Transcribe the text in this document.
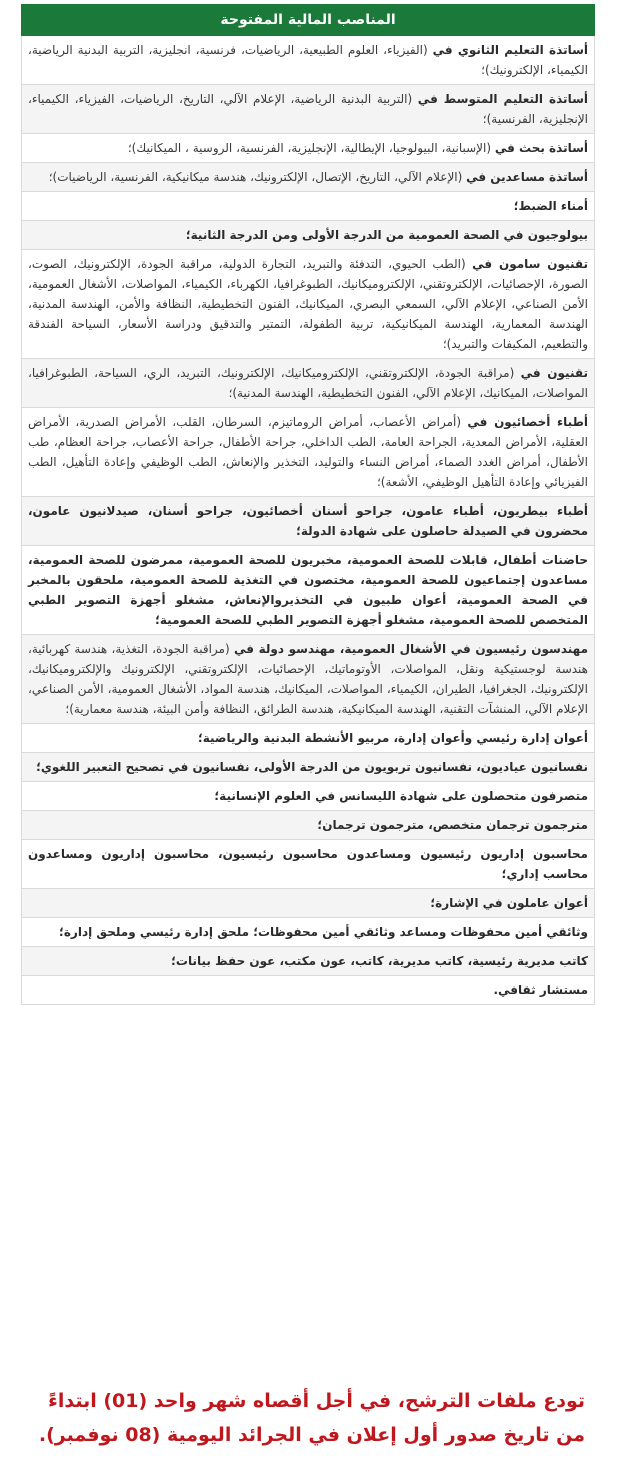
المناصب المالية المفتوحة
أساتذة التعليم الثانوي في (الفيزياء، العلوم الطبيعية، الرياضيات، فرنسية، انجليزية، التربية البدنية الرياضية، الكيمياء، الإلكترونيك)؛
أساتذة التعليم المتوسط في (التربية البدنية الرياضية، الإعلام الآلي، التاريخ، الرياضيات، الفيزياء، الكيمياء، الإنجليزية، الفرنسية)؛
أساتذة بحث في (الإسبانية، البيولوجيا، الإيطالية، الإنجليزية، الفرنسية، الروسية ، الميكانيك)؛
أساتذة مساعدين في (الإعلام الآلي، التاريخ، الإتصال، الإلكترونيك، هندسة ميكانيكية، الفرنسية، الرياضيات)؛
أمناء الضبط؛
بيولوجيون في الصحة العمومية من الدرجة الأولى ومن الدرجة الثانية؛
تقنيون سامون في (الطب الحيوي، التدفئة والتبريد، التجارة الدولية، مراقبة الجودة، الإلكترونيك، الصوت، الصورة، الإحصائيات، الإلكتروتقني، الإلكتروميكانيك، الطبوغرافيا، الكهرباء، الكيمياء، المواصلات، الأشغال العمومية، الأمن الصناعي، الإعلام الآلي، السمعي البصري، الميكانيك، الفنون التخطيطية، النظافة والأمن، الهندسة المدنية، الهندسة المعمارية، الهندسة الميكانيكية، تربية الطفولة، التمتير والتدقيق ودراسة الأسعار، السياحة الفندقة والتطعيم، المكيفات والتبريد)؛
تقنيون في (مراقبة الجودة، الإلكتروتقني، الإلكتروميكانيك، الإلكترونيك، التبريد، الري، السياحة، الطبوغرافيا، المواصلات، الميكانيك، الإعلام الآلي، الفنون التخطيطية، الهندسة المدنية)؛
أطباء أخصائيون في (أمراض الأعصاب، أمراض الروماتيزم، السرطان، القلب، الأمراض الصدرية، الأمراض العقلية، الأمراض المعدية، الجراحة العامة، الطب الداخلي، جراحة الأطفال، جراحة الأعصاب، جراحة العظام، طب الأطفال، أمراض الغدد الصماء، أمراض النساء والتوليد، التخذير والإنعاش، الطب الوظيفي وإعادة التأهيل، الطب الفيزيائي وإعادة التأهيل الوظيفي، الأشعة)؛
أطباء بيطريون، أطباء عامون، جراحو أسنان أخصائيون، جراحو أسنان، صيدلانيون عامون، محضرون في الصيدلة حاصلون على شهادة الدولة؛
حاضنات أطفال، قابلات للصحة العمومية، مخبريون للصحة العمومية، ممرضون للصحة العمومية، مساعدون إجتماعيون للصحة العمومية، مختصون في التغذية للصحة العمومية، ملحقون بالمخبر في الصحة العمومية، أعوان طبيون في التخذيروالإنعاش، مشغلو أجهزة التصوير الطبي المتخصص للصحة العمومية، مشغلو أجهزة التصوير الطبي للصحة العمومية؛
مهندسون رئيسيون في الأشغال العمومية، مهندسو دولة في (مراقبة الجودة، التغذية، هندسة كهربائية، هندسة لوجستيكية ونقل، المواصلات، الأوتوماتيك، الإحصائيات، الإلكتروتقني، الإلكترونيك والإلكتروميكانيك، الإلكترونيك، الجغرافيا، الطيران، الكيمياء، المواصلات، الميكانيك، هندسة المواد، الأشغال العمومية، الأمن الصناعي، الإعلام الآلي، المنشآت التقنية، الهندسة الميكانيكية، هندسة الطرائق، النظافة وأمن البيئة، هندسة معمارية)؛
أعوان إدارة رئيسي وأعوان إدارة، مربيو الأنشطة البدنية والرياضية؛
نفسانيون عياديون، نفسانيون تربويون من الدرجة الأولى، نفسانيون في تصحيح التعبير اللغوي؛
متصرفون متحصلون على شهادة الليسانس في العلوم الإنسانية؛
مترجمون ترجمان متخصص، مترجمون ترجمان؛
محاسبون إداريون رئيسيون ومساعدون محاسبون رئيسيون، محاسبون إداريون ومساعدون محاسب إداري؛
أعوان عاملون في الإشارة؛
وثائقي أمين محفوظات ومساعد وثائقي أمين محفوظات؛ ملحق إدارة رئيسي وملحق إدارة؛
كاتب مديرية رئيسية، كاتب مديرية، كاتب، عون مكتب، عون حفظ بيانات؛
مستشار ثقافي.
تودع ملفات الترشح، في أجل أقصاه شهر واحد (01) ابتداءً من تاريخ صدور أول إعلان في الجرائد اليومية (08 نوفمبر).
